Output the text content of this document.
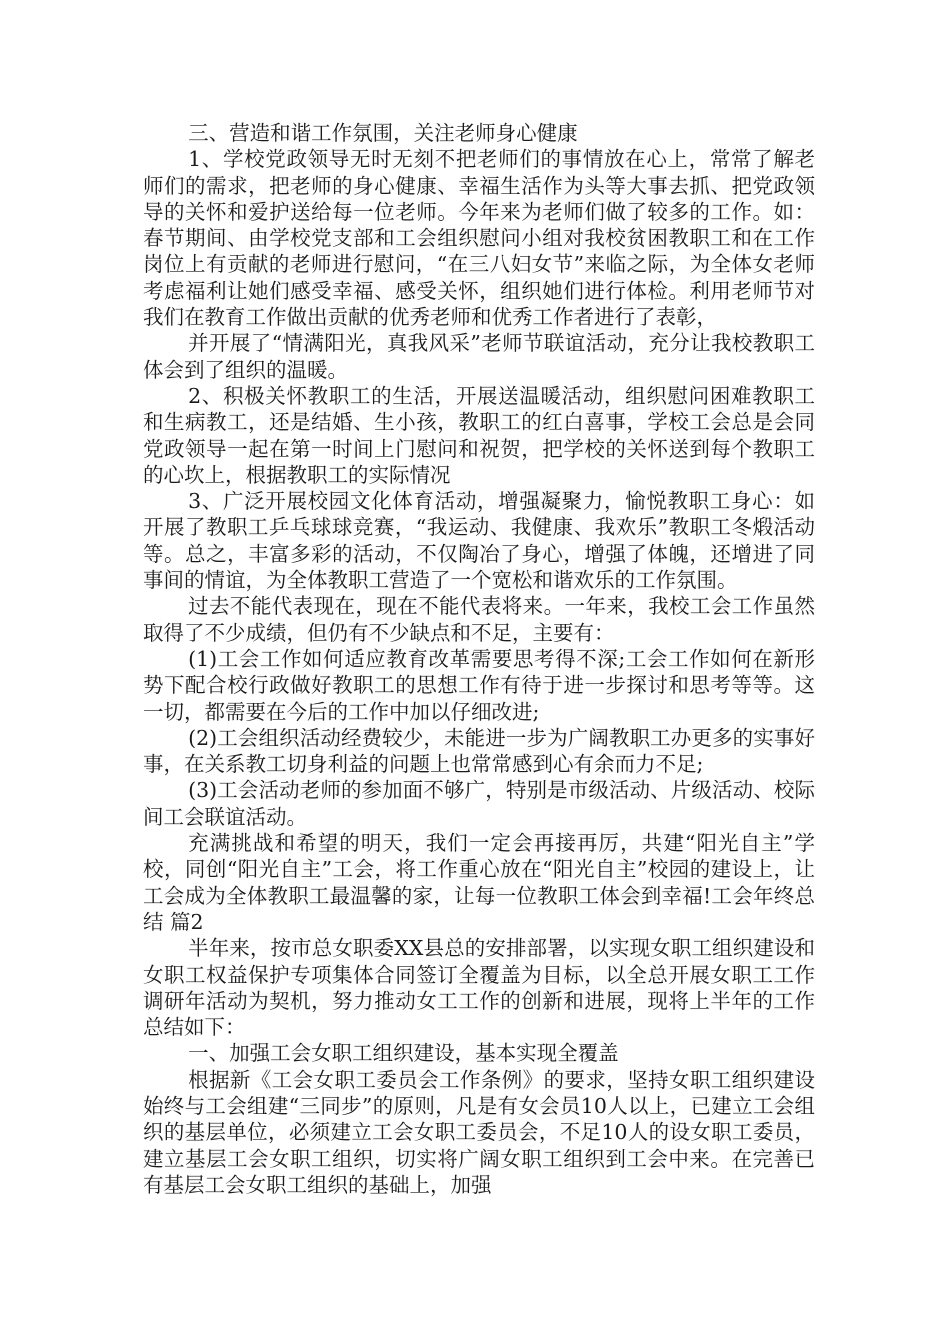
三、营造和谐工作氛围，关注老师身心健康

1、学校党政领导无时无刻不把老师们的事情放在心上，常常了解老师们的需求，把老师的身心健康、幸福生活作为头等大事去抓、把党政领导的关怀和爱护送给每一位老师。今年来为老师们做了较多的工作。如：春节期间、由学校党支部和工会组织慰问小组对我校贫困教职工和在工作岗位上有贡献的老师进行慰问，“在三八妇女节”来临之际，为全体女老师考虑福利让她们感受幸福、感受关怀，组织她们进行体检。利用老师节对我们在教育工作做出贡献的优秀老师和优秀工作者进行了表彰，

并开展了“情满阳光，真我风采”老师节联谊活动，充分让我校教职工体会到了组织的温暖。

2、积极关怀教职工的生活，开展送温暖活动，组织慰问困难教职工和生病教工，还是结婚、生小孩，教职工的红白喜事，学校工会总是会同党政领导一起在第一时间上门慰问和祝贺，把学校的关怀送到每个教职工的心坎上，根据教职工的实际情况

3、广泛开展校园文化体育活动，增强凝聚力，愉悦教职工身心：如开展了教职工乒乓球球竞赛，“我运动、我健康、我欢乐”教职工冬煅活动等。总之，丰富多彩的活动，不仅陶冶了身心，增强了体魄，还增进了同事间的情谊，为全体教职工营造了一个宽松和谐欢乐的工作氛围。

过去不能代表现在，现在不能代表将来。一年来，我校工会工作虽然取得了不少成绩，但仍有不少缺点和不足，主要有：

(1)工会工作如何适应教育改革需要思考得不深;工会工作如何在新形势下配合校行政做好教职工的思想工作有待于进一步探讨和思考等等。这一切，都需要在今后的工作中加以仔细改进;

(2)工会组织活动经费较少，未能进一步为广阔教职工办更多的实事好事，在关系教工切身利益的问题上也常常感到心有余而力不足;

(3)工会活动老师的参加面不够广，特别是市级活动、片级活动、校际间工会联谊活动。

充满挑战和希望的明天，我们一定会再接再厉，共建“阳光自主”学校，同创“阳光自主”工会，将工作重心放在“阳光自主”校园的建设上，让工会成为全体教职工最温馨的家，让每一位教职工体会到幸福!工会年终总结 篇2

半年来，按市总女职委XX县总的安排部署，以实现女职工组织建设和女职工权益保护专项集体合同签订全覆盖为目标，以全总开展女职工工作调研年活动为契机，努力推动女工工作的创新和进展，现将上半年的工作总结如下：

一、加强工会女职工组织建设，基本实现全覆盖

根据新《工会女职工委员会工作条例》的要求，坚持女职工组织建设始终与工会组建“三同步”的原则，凡是有女会员10人以上，已建立工会组织的基层单位，必须建立工会女职工委员会，不足10人的设女职工委员，建立基层工会女职工组织，切实将广阔女职工组织到工会中来。在完善已有基层工会女职工组织的基础上，加强
